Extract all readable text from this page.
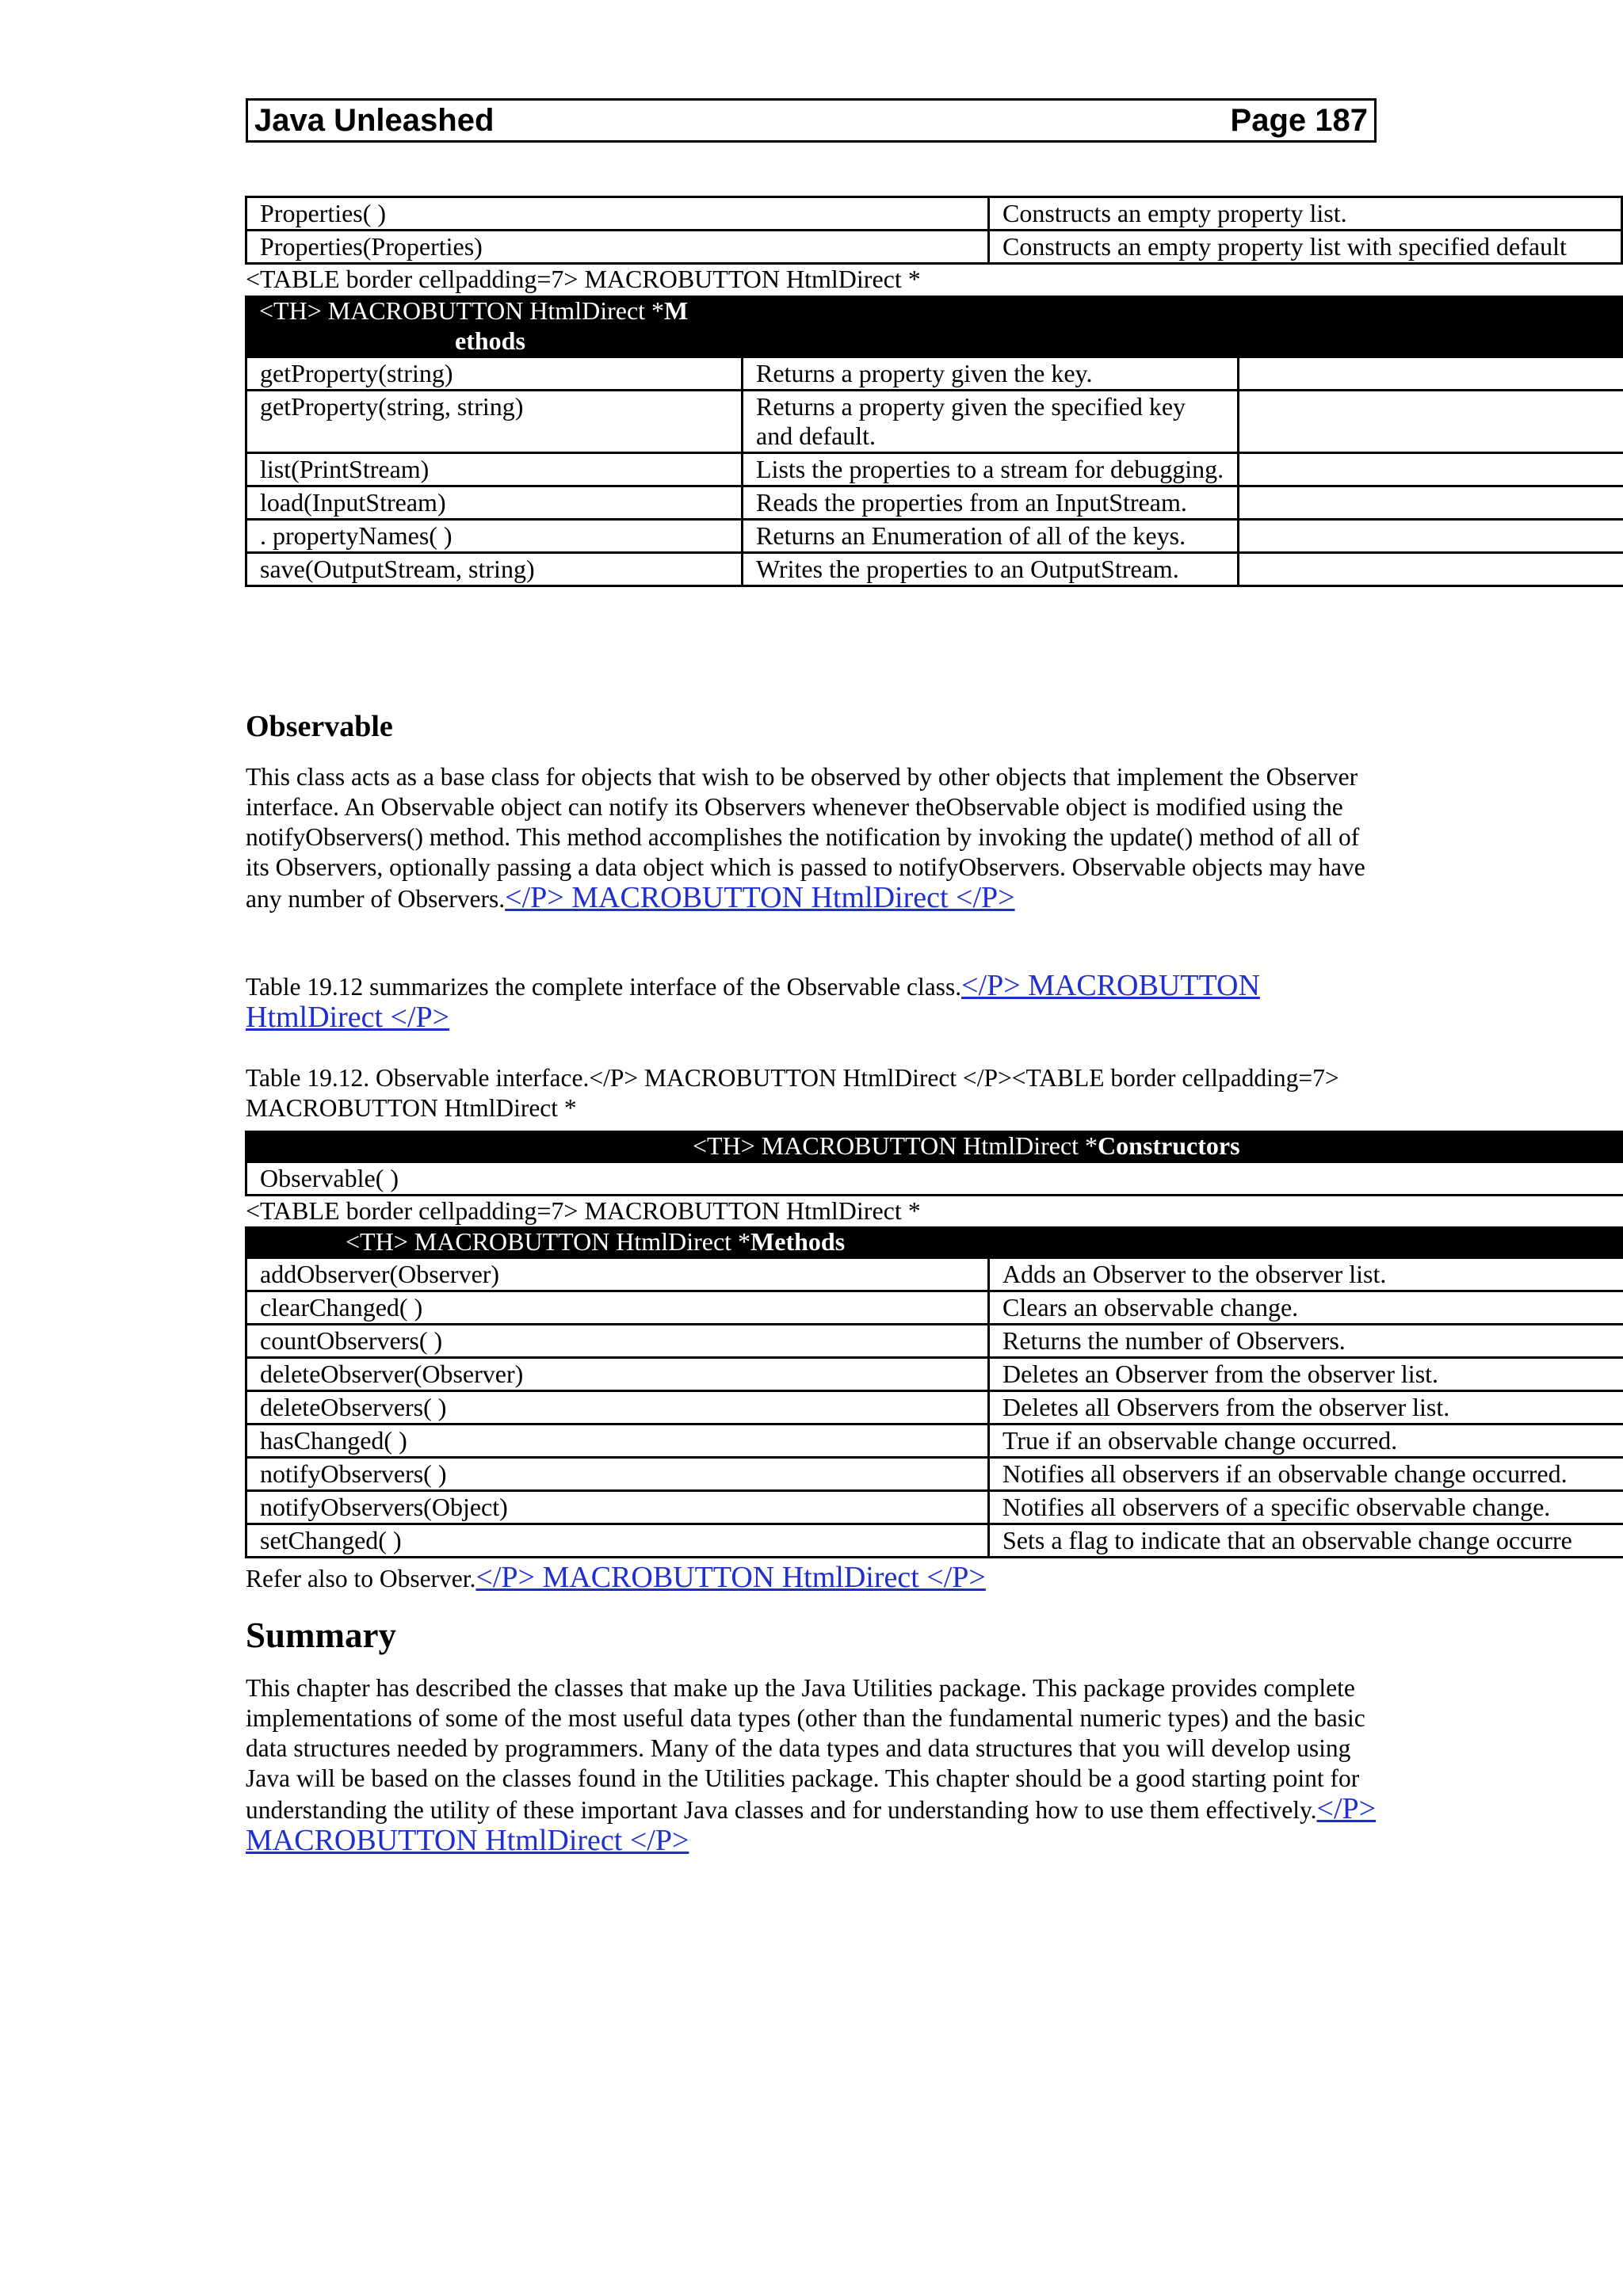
Java Unleashed	Page 187
Properties( )	Constructs an empty property list.
Properties(Properties)	Constructs an empty property list with specified default
<TABLE border cellpadding=7> MACROBUTTON HtmlDirect *
<TH> MACROBUTTON HtmlDirect *M
ethods
getProperty(string)	Returns a property given the key.	
getProperty(string, string)	Returns a property given the specified key and default.	
list(PrintStream)	Lists the properties to a stream for debugging.	
load(InputStream)	Reads the properties from an InputStream.	
. propertyNames( )	Returns an Enumeration of all of the keys.	
save(OutputStream, string)	Writes the properties to an OutputStream.	
Observable
This class acts as a base class for objects that wish to be observed by other objects that implement the Observer interface. An Observable object can notify its Observers whenever theObservable object is modified using the notifyObservers() method. This method accomplishes the notification by invoking the update() method of all of its Observers, optionally passing a data object which is passed to notifyObservers. Observable objects may have any number of Observers.</P> MACROBUTTON HtmlDirect </P>
Table 19.12 summarizes the complete interface of the Observable class.</P> MACROBUTTON HtmlDirect </P>
Table 19.12. Observable interface.</P> MACROBUTTON HtmlDirect </P><TABLE border cellpadding=7> MACROBUTTON HtmlDirect *
<TH> MACROBUTTON HtmlDirect *Constructors
Observable( )
<TABLE border cellpadding=7> MACROBUTTON HtmlDirect *
<TH> MACROBUTTON HtmlDirect *Methods
addObserver(Observer)	Adds an Observer to the observer list.
clearChanged( )	Clears an observable change.
countObservers( )	Returns the number of Observers.
deleteObserver(Observer)	Deletes an Observer from the observer list.
deleteObservers( )	Deletes all Observers from the observer list.
hasChanged( )	True if an observable change occurred.
notifyObservers( )	Notifies all observers if an observable change occurred.
notifyObservers(Object)	Notifies all observers of a specific observable change.
setChanged( )	Sets a flag to indicate that an observable change occurre
Refer also to Observer.</P> MACROBUTTON HtmlDirect </P>
Summary
This chapter has described the classes that make up the Java Utilities package. This package provides complete implementations of some of the most useful data types (other than the fundamental numeric types) and the basic data structures needed by programmers. Many of the data types and data structures that you will develop using Java will be based on the classes found in the Utilities package. This chapter should be a good starting point for understanding the utility of these important Java classes and for understanding how to use them effectively.</P> MACROBUTTON HtmlDirect </P>
